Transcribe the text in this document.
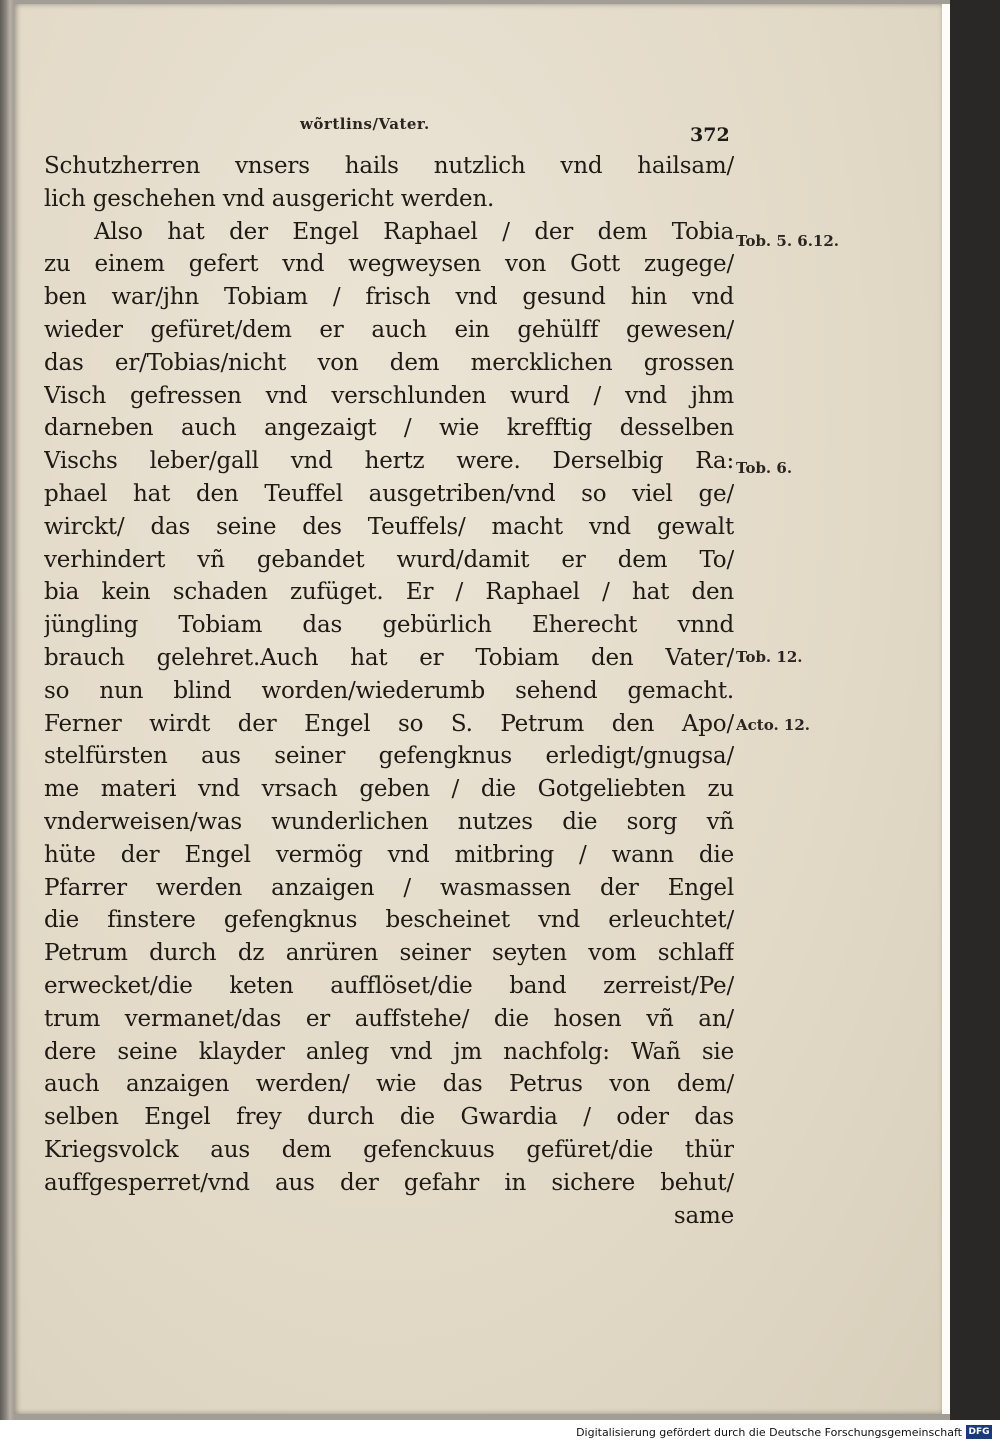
wõrtlins/Vater.	372
Schutzherren vnsers hails nutzlich vnd hailsam/
lich geschehen vnd ausgericht werden.
Also hat der Engel Raphael / der dem Tobia
zu einem gefert vnd wegweysen von Gott zugege/
ben war/jhn Tobiam / frisch vnd gesund hin vnd
wieder gefüret/dem er auch ein gehülff gewesen/
das er/Tobias/nicht von dem mercklichen grossen
Visch gefressen vnd verschlunden wurd / vnd jhm
darneben auch angezaigt / wie krefftig desselben
Vischs leber/gall vnd hertz were. Derselbig Ra:
phael hat den Teuffel ausgetriben/vnd so viel ge/
wirckt/ das seine des Teuffels/ macht vnd gewalt
verhindert vñ gebandet wurd/damit er dem To/
bia kein schaden zufüget. Er / Raphael / hat den
jüngling Tobiam das gebürlich Eherecht vnnd
brauch gelehret.Auch hat er Tobiam den Vater/
so nun blind worden/wiederumb sehend gemacht.
Ferner wirdt der Engel so S. Petrum den Apo/
stelfürsten aus seiner gefengknus erledigt/gnugsa/
me materi vnd vrsach geben / die Gotgeliebten zu
vnderweisen/was wunderlichen nutzes die sorg vñ
hüte der Engel vermög vnd mitbring / wann die
Pfarrer werden anzaigen / wasmassen der Engel
die finstere gefengknus bescheinet vnd erleuchtet/
Petrum durch dz anrüren seiner seyten vom schlaff
erwecket/die keten aufflöset/die band zerreist/Pe/
trum vermanet/das er auffstehe/ die hosen vñ an/
dere seine klayder anleg vnd jm nachfolg: Wañ sie
auch anzaigen werden/ wie das Petrus von dem/
selben Engel frey durch die Gwardia / oder das
Kriegsvolck aus dem gefenckuus gefüret/die thür
auffgesperret/vnd aus der gefahr in sichere behut/
same
Tob. 5. 6.12.
Tob. 6.
Tob. 12.
Acto. 12.
Digitalisierung gefördert durch die Deutsche Forschungsgemeinschaft DFG
